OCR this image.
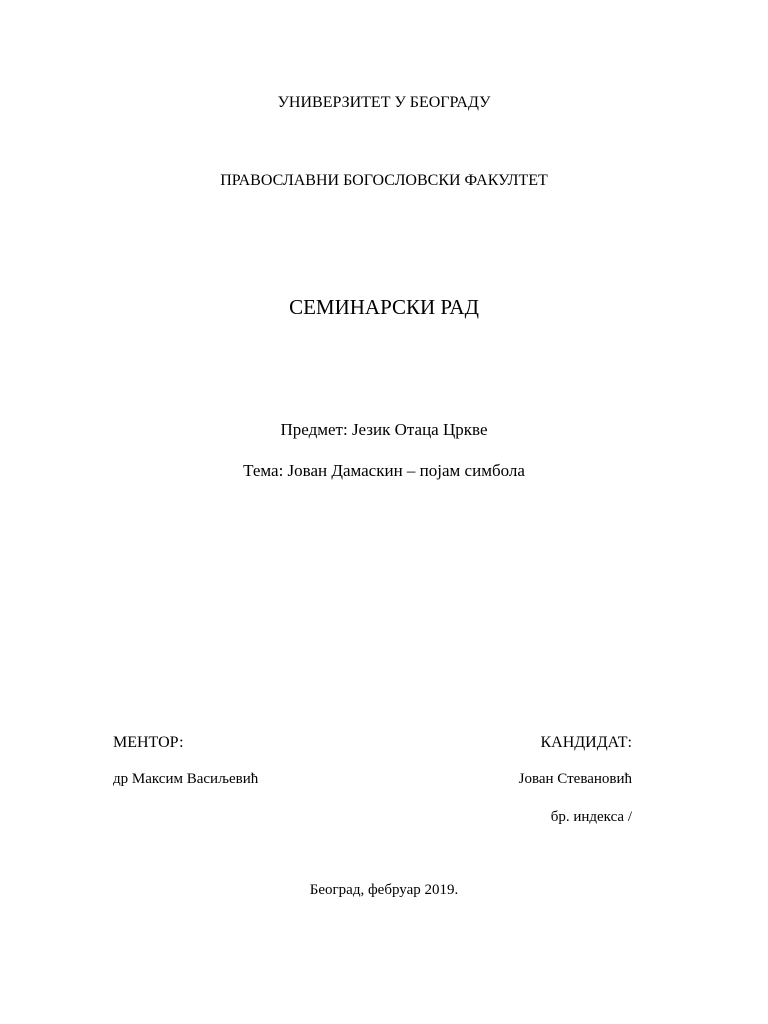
УНИВЕРЗИТЕТ У БЕОГРАДУ
ПРАВОСЛАВНИ БОГОСЛОВСКИ ФАКУЛТЕТ
СЕМИНАРСКИ РАД
Предмет: Језик Отаца Цркве
Тема: Јован Дамаскин – појам симбола
МЕНТОР:
др Максим Васиљевић
КАНДИДАТ:
Јован Стевановић
бр. индекса /
Београд, фебруар 2019.
